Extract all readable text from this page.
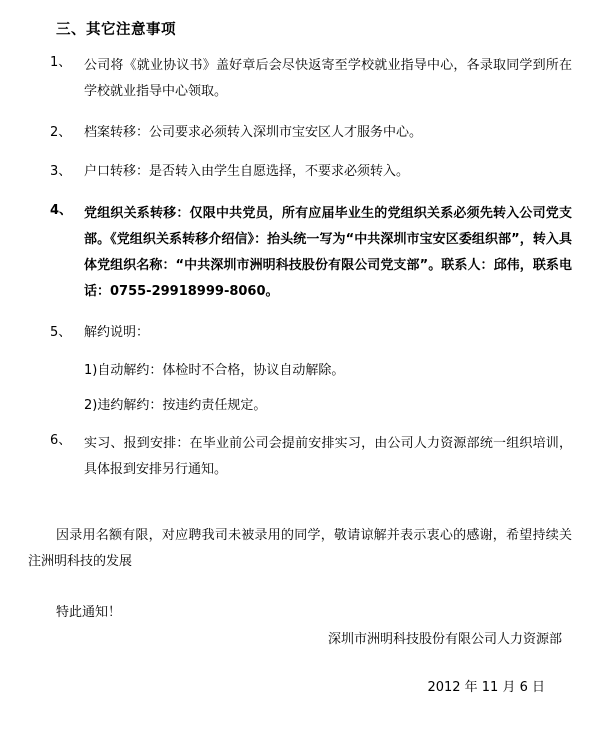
三、其它注意事项
1、 公司将《就业协议书》盖好章后会尽快返寄至学校就业指导中心，各录取同学到所在学校就业指导中心领取。
2、 档案转移：公司要求必须转入深圳市宝安区人才服务中心。
3、 户口转移：是否转入由学生自愿选择，不要求必须转入。
4、 党组织关系转移：仅限中共党员，所有应届毕业生的党组织关系必须先转入公司党支部。《党组织关系转移介绍信》：抬头统一写为“中共深圳市宝安区委组织部”，转入具体党组织名称：“中共深圳市洲明科技股份有限公司党支部”。联系人：邱伟，联系电话：0755-29918999-8060。
5、 解约说明：
1)自动解约：体检时不合格，协议自动解除。
2)违约解约：按违约责任规定。
6、 实习、报到安排：在毕业前公司会提前安排实习，由公司人力资源部统一组织培训，具体报到安排另行通知。
因录用名额有限，对应聘我司未被录用的同学，敬请谅解并表示衷心的感谢，希望持续关注洲明科技的发展
特此通知！
深圳市洲明科技股份有限公司人力资源部
2012 年 11 月 6 日
